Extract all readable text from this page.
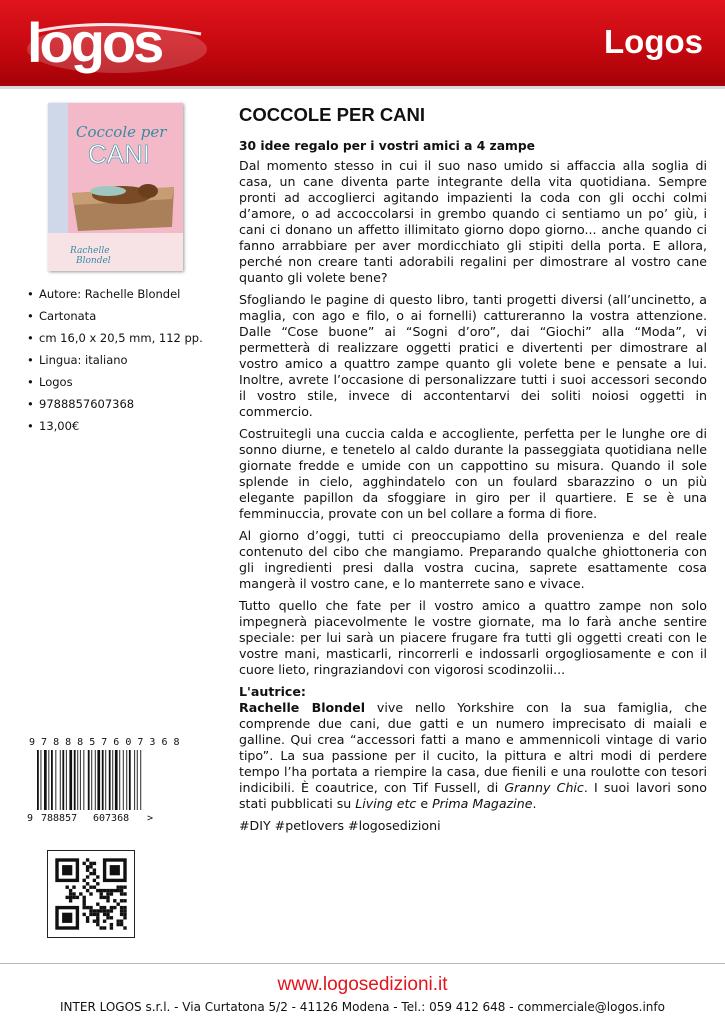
logos	Logos
Coccole per
CANI
Rachelle
Blondel
• Autore: Rachelle Blondel
• Cartonata
• cm 16,0 x 20,5 mm, 112 pp.
• Lingua: italiano
• Logos
• 9788857607368
• 13,00€
9 7 8 8 8 5 7 6 0 7 3 6 8
9 788857 607368 >
COCCOLE PER CANI
30 idee regalo per i vostri amici a 4 zampe

Dal momento stesso in cui il suo naso umido si affaccia alla soglia di casa, un cane diventa parte integrante della vita quotidiana. Sempre pronti ad accoglierci agitando impazienti la coda con gli occhi colmi d’amore, o ad accoccolarsi in grembo quando ci sentiamo un po’ giù, i cani ci donano un affetto illimitato giorno dopo giorno... anche quando ci fanno arrabbiare per aver mordicchiato gli stipiti della porta. E allora, perché non creare tanti adorabili regalini per dimostrare al vostro cane quanto gli volete bene?

Sfogliando le pagine di questo libro, tanti progetti diversi (all’uncinetto, a maglia, con ago e filo, o ai fornelli) cattureranno la vostra attenzione. Dalle “Cose buone” ai “Sogni d’oro”, dai “Giochi” alla “Moda”, vi permetterà di realizzare oggetti pratici e divertenti per dimostrare al vostro amico a quattro zampe quanto gli volete bene e pensate a lui. Inoltre, avrete l’occasione di personalizzare tutti i suoi accessori secondo il vostro stile, invece di accontentarvi dei soliti noiosi oggetti in commercio.

Costruitegli una cuccia calda e accogliente, perfetta per le lunghe ore di sonno diurne, e tenetelo al caldo durante la passeggiata quotidiana nelle giornate fredde e umide con un cappottino su misura. Quando il sole splende in cielo, agghindatelo con un foulard sbarazzino o un più elegante papillon da sfoggiare in giro per il quartiere. E se è una femminuccia, provate con un bel collare a forma di fiore.

Al giorno d’oggi, tutti ci preoccupiamo della provenienza e del reale contenuto del cibo che mangiamo. Preparando qualche ghiottoneria con gli ingredienti presi dalla vostra cucina, saprete esattamente cosa mangerà il vostro cane, e lo manterrete sano e vivace.

Tutto quello che fate per il vostro amico a quattro zampe non solo impegnerà piacevolmente le vostre giornate, ma lo farà anche sentire speciale: per lui sarà un piacere frugare fra tutti gli oggetti creati con le vostre mani, masticarli, rincorrerli e indossarli orgogliosamente e con il cuore lieto, ringraziandovi con vigorosi scodinzolii...

L'autrice:

Rachelle Blondel vive nello Yorkshire con la sua famiglia, che comprende due cani, due gatti e un numero imprecisato di maiali e galline. Qui crea “accessori fatti a mano e ammennicoli vintage di vario tipo”. La sua passione per il cucito, la pittura e altri modi di perdere tempo l’ha portata a riempire la casa, due fienili e una roulotte con tesori indicibili. È coautrice, con Tif Fussell, di Granny Chic. I suoi lavori sono stati pubblicati su Living etc e Prima Magazine.

#DIY #petlovers #logosedizioni

www.logosedizioni.it
INTER LOGOS s.r.l. - Via Curtatona 5/2 - 41126 Modena - Tel.: 059 412 648 - commerciale@logos.info
